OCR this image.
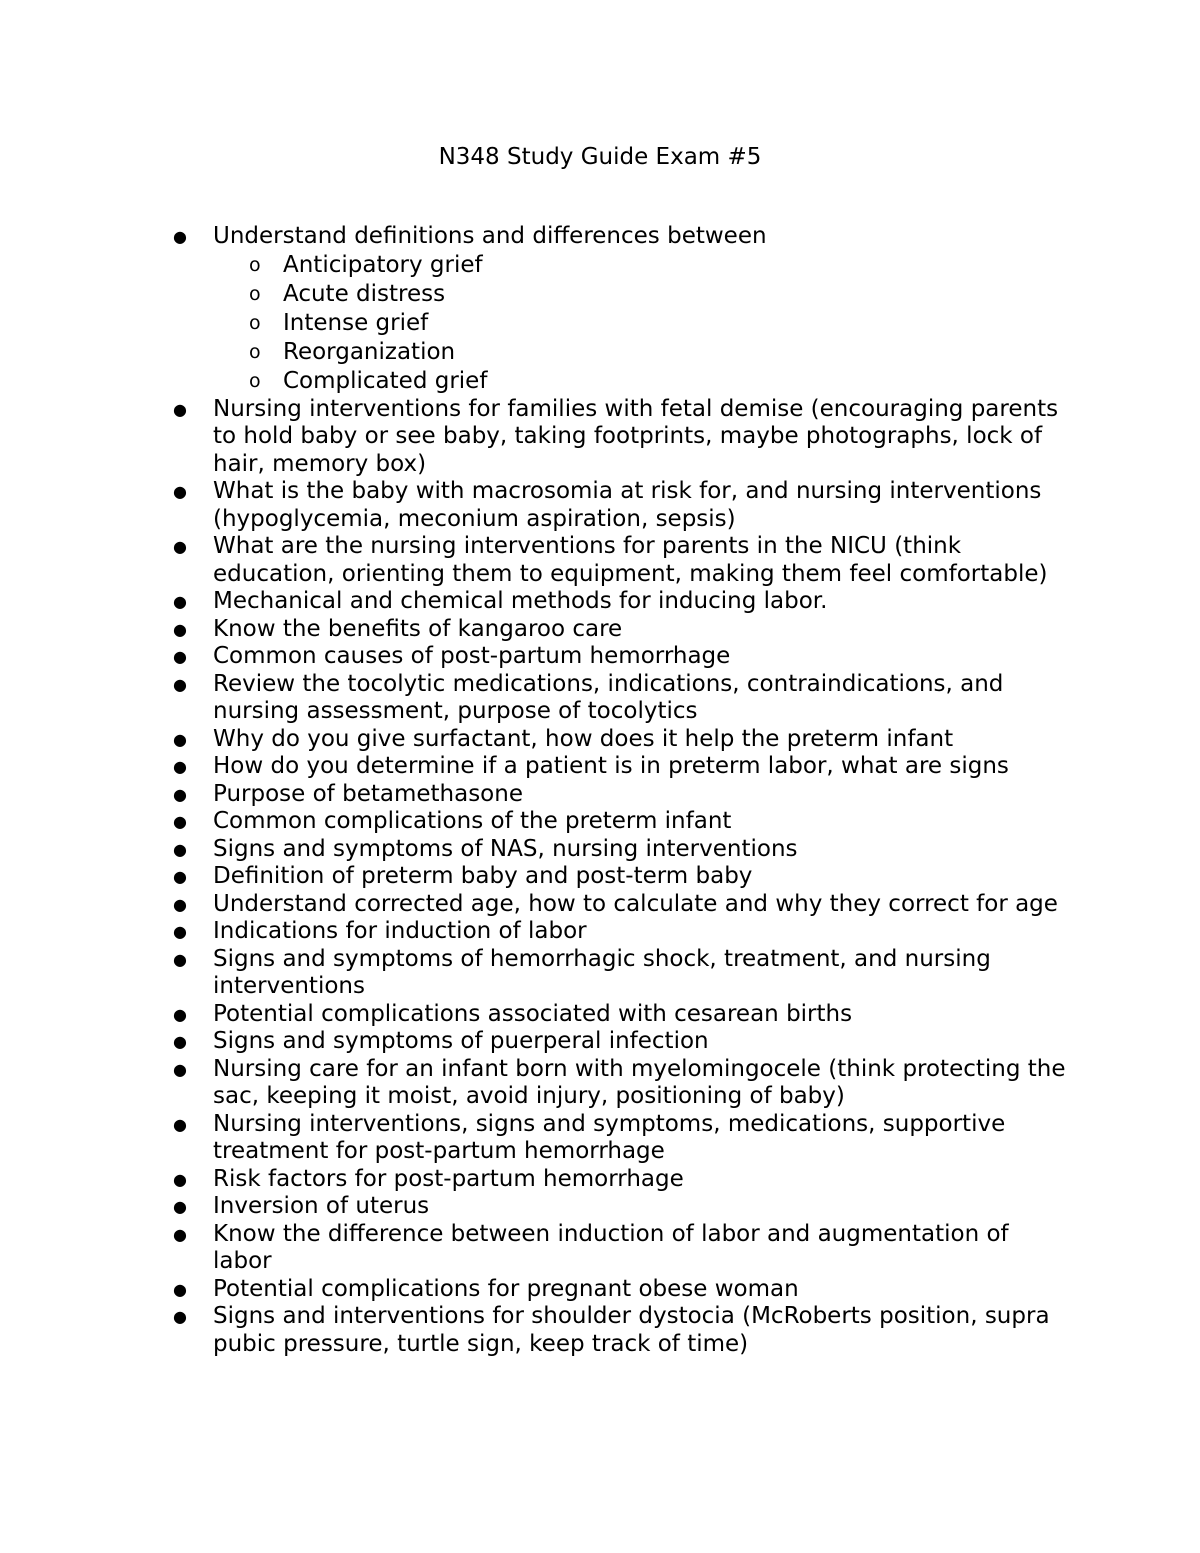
N348 Study Guide Exam #5
● Understand definitions and differences between
o Anticipatory grief
o Acute distress
o Intense grief
o Reorganization
o Complicated grief
● Nursing interventions for families with fetal demise (encouraging parents to hold baby or see baby, taking footprints, maybe photographs, lock of hair, memory box)
● What is the baby with macrosomia at risk for, and nursing interventions (hypoglycemia, meconium aspiration, sepsis)
● What are the nursing interventions for parents in the NICU (think education, orienting them to equipment, making them feel comfortable)
● Mechanical and chemical methods for inducing labor.
● Know the benefits of kangaroo care
● Common causes of post-partum hemorrhage
● Review the tocolytic medications, indications, contraindications, and nursing assessment, purpose of tocolytics
● Why do you give surfactant, how does it help the preterm infant
● How do you determine if a patient is in preterm labor, what are signs
● Purpose of betamethasone
● Common complications of the preterm infant
● Signs and symptoms of NAS, nursing interventions
● Definition of preterm baby and post-term baby
● Understand corrected age, how to calculate and why they correct for age
● Indications for induction of labor
● Signs and symptoms of hemorrhagic shock, treatment, and nursing interventions
● Potential complications associated with cesarean births
● Signs and symptoms of puerperal infection
● Nursing care for an infant born with myelomingocele (think protecting the sac, keeping it moist, avoid injury, positioning of baby)
● Nursing interventions, signs and symptoms, medications, supportive treatment for post-partum hemorrhage
● Risk factors for post-partum hemorrhage
● Inversion of uterus
● Know the difference between induction of labor and augmentation of labor
● Potential complications for pregnant obese woman
● Signs and interventions for shoulder dystocia (McRoberts position, supra pubic pressure, turtle sign, keep track of time)
